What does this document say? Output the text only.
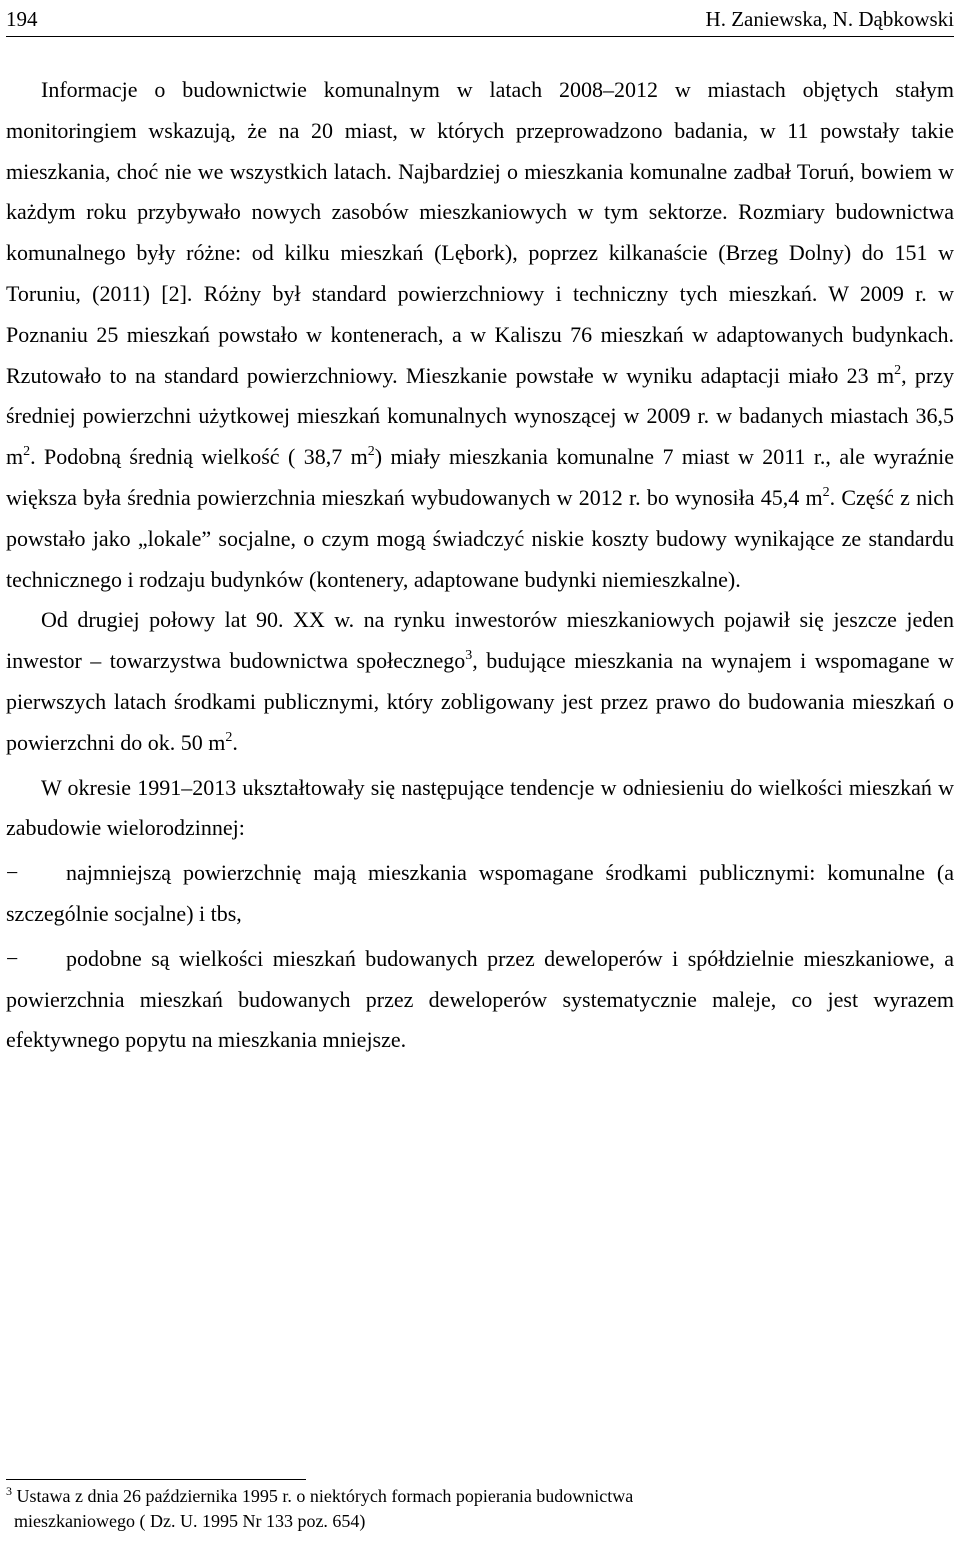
194	H. Zaniewska, N. Dąbkowski

Informacje o budownictwie komunalnym w latach 2008–2012 w miastach objętych stałym monitoringiem wskazują, że na 20 miast, w których przeprowadzono badania, w 11 powstały takie mieszkania, choć nie we wszystkich latach. Najbardziej o mieszkania komunalne zadbał Toruń, bowiem w każdym roku przybywało nowych zasobów mieszkaniowych w tym sektorze. Rozmiary budownictwa komunalnego były różne: od kilku mieszkań (Lębork), poprzez kilkanaście (Brzeg Dolny) do 151 w Toruniu, (2011) [2]. Różny był standard powierzchniowy i techniczny tych mieszkań. W 2009 r. w Poznaniu 25 mieszkań powstało w kontenerach, a w Kaliszu 76 mieszkań w adaptowanych budynkach. Rzutowało to na standard powierzchniowy. Mieszkanie powstałe w wyniku adaptacji miało 23 $m^2$, przy średniej powierzchni użytkowej mieszkań komunalnych wynoszącej w 2009 r. w badanych miastach 36,5 $m^2$. Podobną średnią wielkość ( 38,7 $m^2$) miały mieszkania komunalne 7 miast w 2011 r., ale wyraźnie większa była średnia powierzchnia mieszkań wybudowanych w 2012 r. bo wynosiła 45,4 $m^2$. Część z nich powstało jako „lokale” socjalne, o czym mogą świadczyć niskie koszty budowy wynikające ze standardu technicznego i rodzaju budynków (kontenery, adaptowane budynki niemieszkalne).

Od drugiej połowy lat 90. XX w. na rynku inwestorów mieszkaniowych pojawił się jeszcze jeden inwestor – towarzystwa budownictwa społecznego$^3$, budujące mieszkania na wynajem i wspomagane w pierwszych latach środkami publicznymi, który zobligowany jest przez prawo do budowania mieszkań o powierzchni do ok. 50 $m^2$.

W okresie 1991–2013 ukształtowały się następujące tendencje w odniesieniu do wielkości mieszkań w zabudowie wielorodzinnej:

− najmniejszą powierzchnię mają mieszkania wspomagane środkami publicznymi: komunalne (a szczególnie socjalne) i tbs,

− podobne są wielkości mieszkań budowanych przez deweloperów i spółdzielnie mieszkaniowe, a powierzchnia mieszkań budowanych przez deweloperów systematycznie maleje, co jest wyrazem efektywnego popytu na mieszkania mniejsze.

$^3$ Ustawa z dnia 26 października 1995 r. o niektórych formach popierania budownictwa

mieszkaniowego ( Dz. U. 1995 Nr 133 poz. 654)
